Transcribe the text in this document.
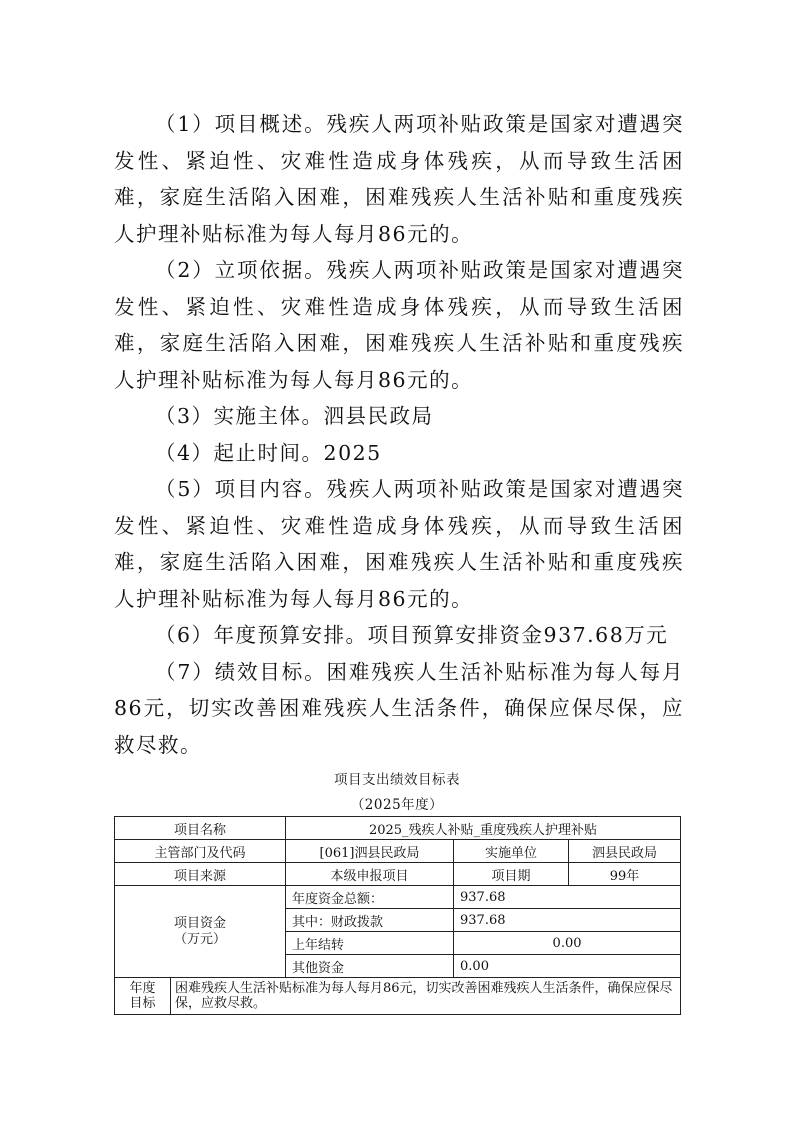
（1）项目概述。残疾人两项补贴政策是国家对遭遇突发性、紧迫性、灾难性造成身体残疾，从而导致生活困难，家庭生活陷入困难，困难残疾人生活补贴和重度残疾人护理补贴标准为每人每月86元的。

（2）立项依据。残疾人两项补贴政策是国家对遭遇突发性、紧迫性、灾难性造成身体残疾，从而导致生活困难，家庭生活陷入困难，困难残疾人生活补贴和重度残疾人护理补贴标准为每人每月86元的。

（3）实施主体。泗县民政局

（4）起止时间。2025

（5）项目内容。残疾人两项补贴政策是国家对遭遇突发性、紧迫性、灾难性造成身体残疾，从而导致生活困难，家庭生活陷入困难，困难残疾人生活补贴和重度残疾人护理补贴标准为每人每月86元的。

（6）年度预算安排。项目预算安排资金937.68万元

（7）绩效目标。困难残疾人生活补贴标准为每人每月86元，切实改善困难残疾人生活条件，确保应保尽保，应救尽救。

项目支出绩效目标表
（2025年度）
项目名称		2025_残疾人补贴_重度残疾人护理补贴		
主管部门及代码		[061]泗县民政局	实施单位	泗县民政局
项目来源		本级申报项目	项目期	99年

项目资金
（万元）		年度资金总额：	937.68	
		其中：财政拨款	937.68	
		上年结转	0.00	
		其他资金	0.00	

年度
目标	困难残疾人生活补贴标准为每人每月86元，切实改善困难残疾人生活条件，确保应保尽保，应救尽救。			
